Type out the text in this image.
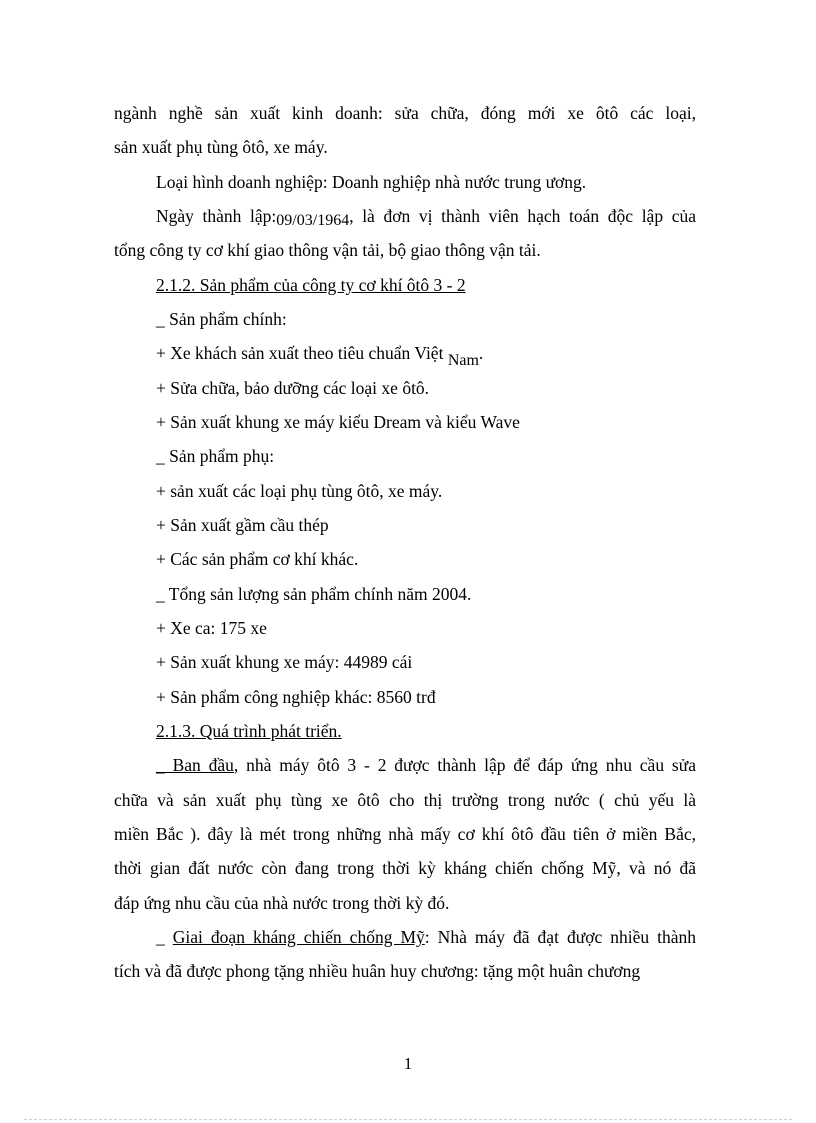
ngành nghề sản xuất kinh doanh: sửa chữa, đóng mới xe ôtô các loại,
sản xuất phụ tùng ôtô, xe máy.
Loại hình doanh nghiệp: Doanh nghiệp nhà nước trung ương.
Ngày thành lập:09/03/1964, là đơn vị thành viên hạch toán độc lập của
tổng công ty cơ khí giao thông vận tải, bộ giao thông vận tải.
2.1.2. Sản phẩm của công ty cơ khí ôtô 3 - 2
_ Sản phẩm chính:
+ Xe khách sản xuất theo tiêu chuẩn Việt Nam.
+ Sửa chữa, bảo dưỡng các loại xe ôtô.
+ Sản xuất khung xe máy kiểu Dream và kiểu Wave
_ Sản phẩm phụ:
+ sản xuất các loại phụ tùng ôtô, xe máy.
+ Sản xuất gầm cầu thép
+ Các sản phẩm cơ khí khác.
_ Tổng sản lượng sản phẩm chính năm 2004.
+ Xe ca: 175 xe
+ Sản xuất khung xe máy: 44989 cái
+ Sản phẩm công nghiệp khác: 8560 trđ
2.1.3. Quá trình phát triển.
_ Ban đầu, nhà máy ôtô 3 - 2 được thành lập để đáp ứng nhu cầu sửa
chữa và sản xuất phụ tùng xe ôtô cho thị trường trong nước ( chủ yếu là
miền Bắc ). đây là mét trong những nhà mấy cơ khí ôtô đầu tiên ở miền Bắc,
thời gian đất nước còn đang trong thời kỳ kháng chiến chống Mỹ, và nó đã
đáp ứng nhu cầu của nhà nước trong thời kỳ đó.
_ Giai đoạn kháng chiến chống Mỹ: Nhà máy đã đạt được nhiều thành
tích và đã được phong tặng nhiều huân huy chương: tặng một huân chương
1
